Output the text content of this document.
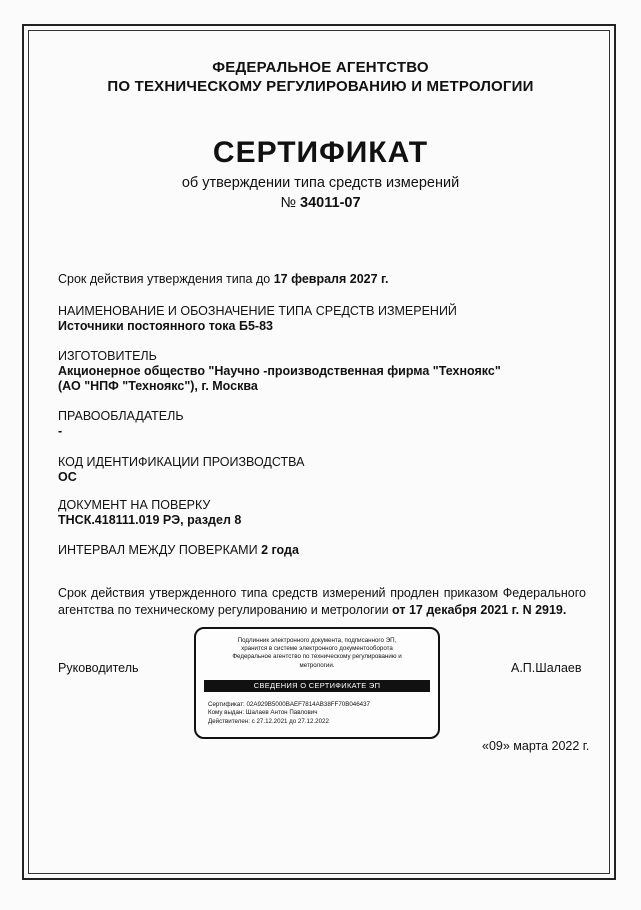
ФЕДЕРАЛЬНОЕ АГЕНТСТВО
ПО ТЕХНИЧЕСКОМУ РЕГУЛИРОВАНИЮ И МЕТРОЛОГИИ
СЕРТИФИКАТ
об утверждении типа средств измерений
№ 34011-07
Срок действия утверждения типа до 17 февраля 2027 г.
НАИМЕНОВАНИЕ И ОБОЗНАЧЕНИЕ ТИПА СРЕДСТВ ИЗМЕРЕНИЙ
Источники постоянного тока Б5-83
ИЗГОТОВИТЕЛЬ
Акционерное общество "Научно -производственная фирма "Техноякс"
(АО "НПФ "Техноякс"), г. Москва
ПРАВООБЛАДАТЕЛЬ
-
КОД ИДЕНТИФИКАЦИИ ПРОИЗВОДСТВА
ОС
ДОКУМЕНТ НА ПОВЕРКУ
ТНСК.418111.019 РЭ, раздел 8
ИНТЕРВАЛ МЕЖДУ ПОВЕРКАМИ 2 года
Срок действия утвержденного типа средств измерений продлен приказом Федерального агентства по техническому регулированию и метрологии от 17 декабря 2021 г. N 2919.
Руководитель	А.П.Шалаев
Подлинник электронного документа, подписанного ЭП,
хранится в системе электронного документооборота
Федеральное агентство по техническому регулированию и
метрологии.
СВЕДЕНИЯ О СЕРТИФИКАТЕ ЭП
Сертификат: 02A929B5000BAEF7814AB38FF70B046437
Кому выдан: Шалаев Антон Павлович
Действителен: с 27.12.2021 до 27.12.2022
«09» марта 2022 г.
